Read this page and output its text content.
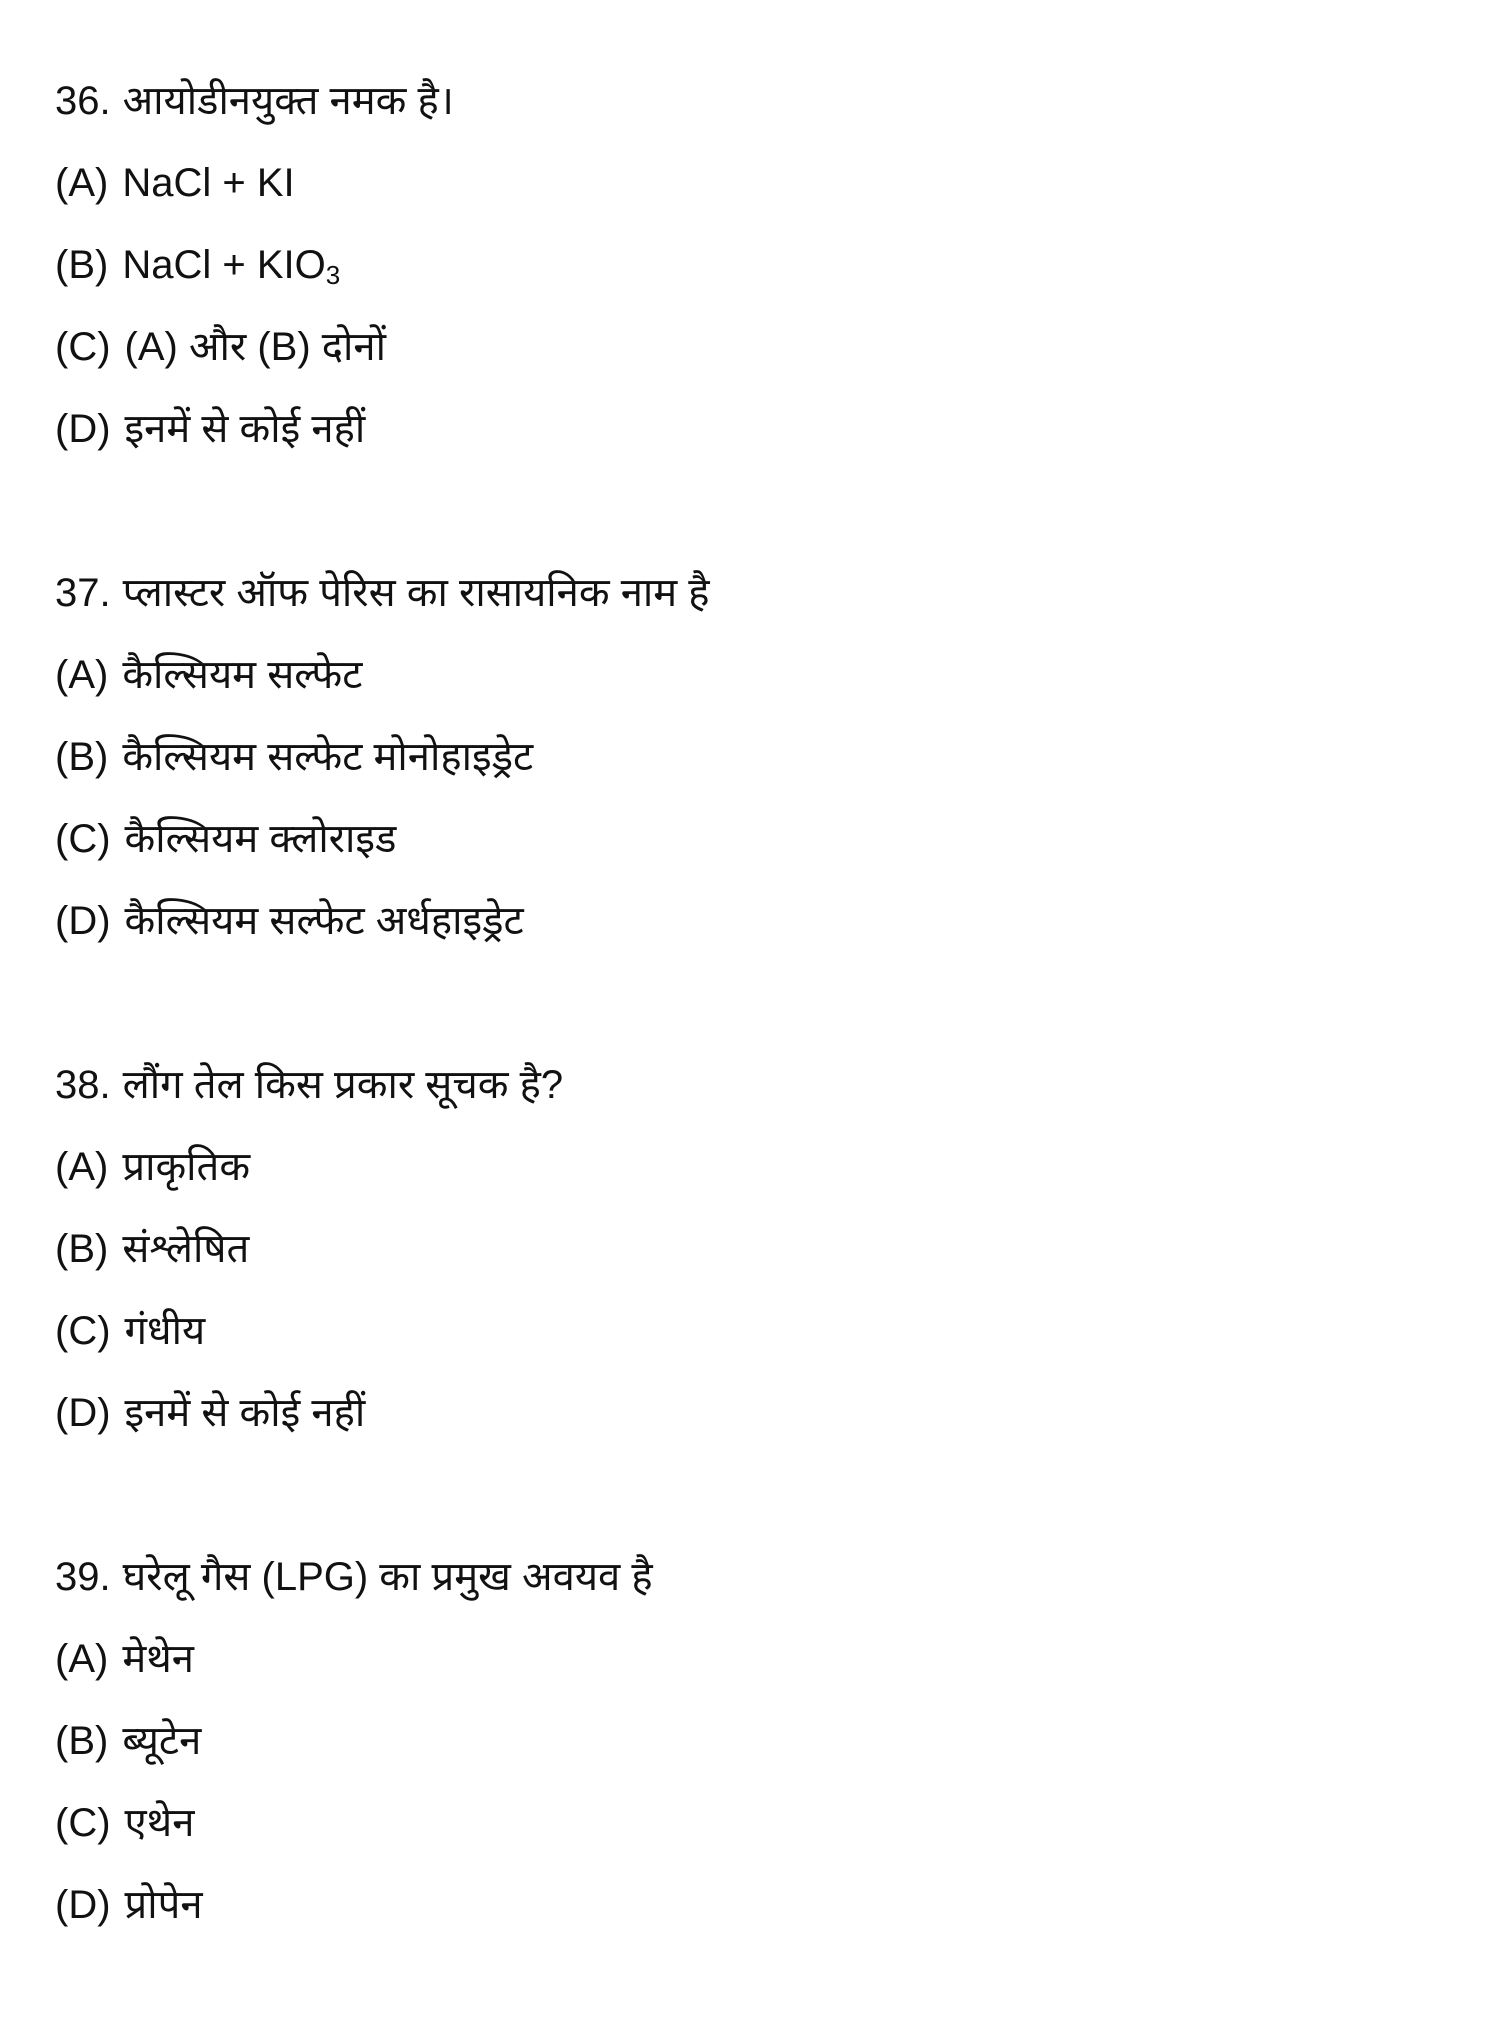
36. आयोडीनयुक्त नमक है।
(A) NaCl + KI
(B) NaCl + $KIO_3$
(C) (A) और (B) दोनों
(D) इनमें से कोई नहीं
37. प्लास्टर ऑफ पेरिस का रासायनिक नाम है
(A) कैल्सियम सल्फेट
(B) कैल्सियम सल्फेट मोनोहाइड्रेट
(C) कैल्सियम क्लोराइड
(D) कैल्सियम सल्फेट अर्धहाइड्रेट
38. लौंग तेल किस प्रकार सूचक है?
(A) प्राकृतिक
(B) संश्लेषित
(C) गंधीय
(D) इनमें से कोई नहीं
39. घरेलू गैस (LPG) का प्रमुख अवयव है
(A) मेथेन
(B) ब्यूटेन
(C) एथेन
(D) प्रोपेन
